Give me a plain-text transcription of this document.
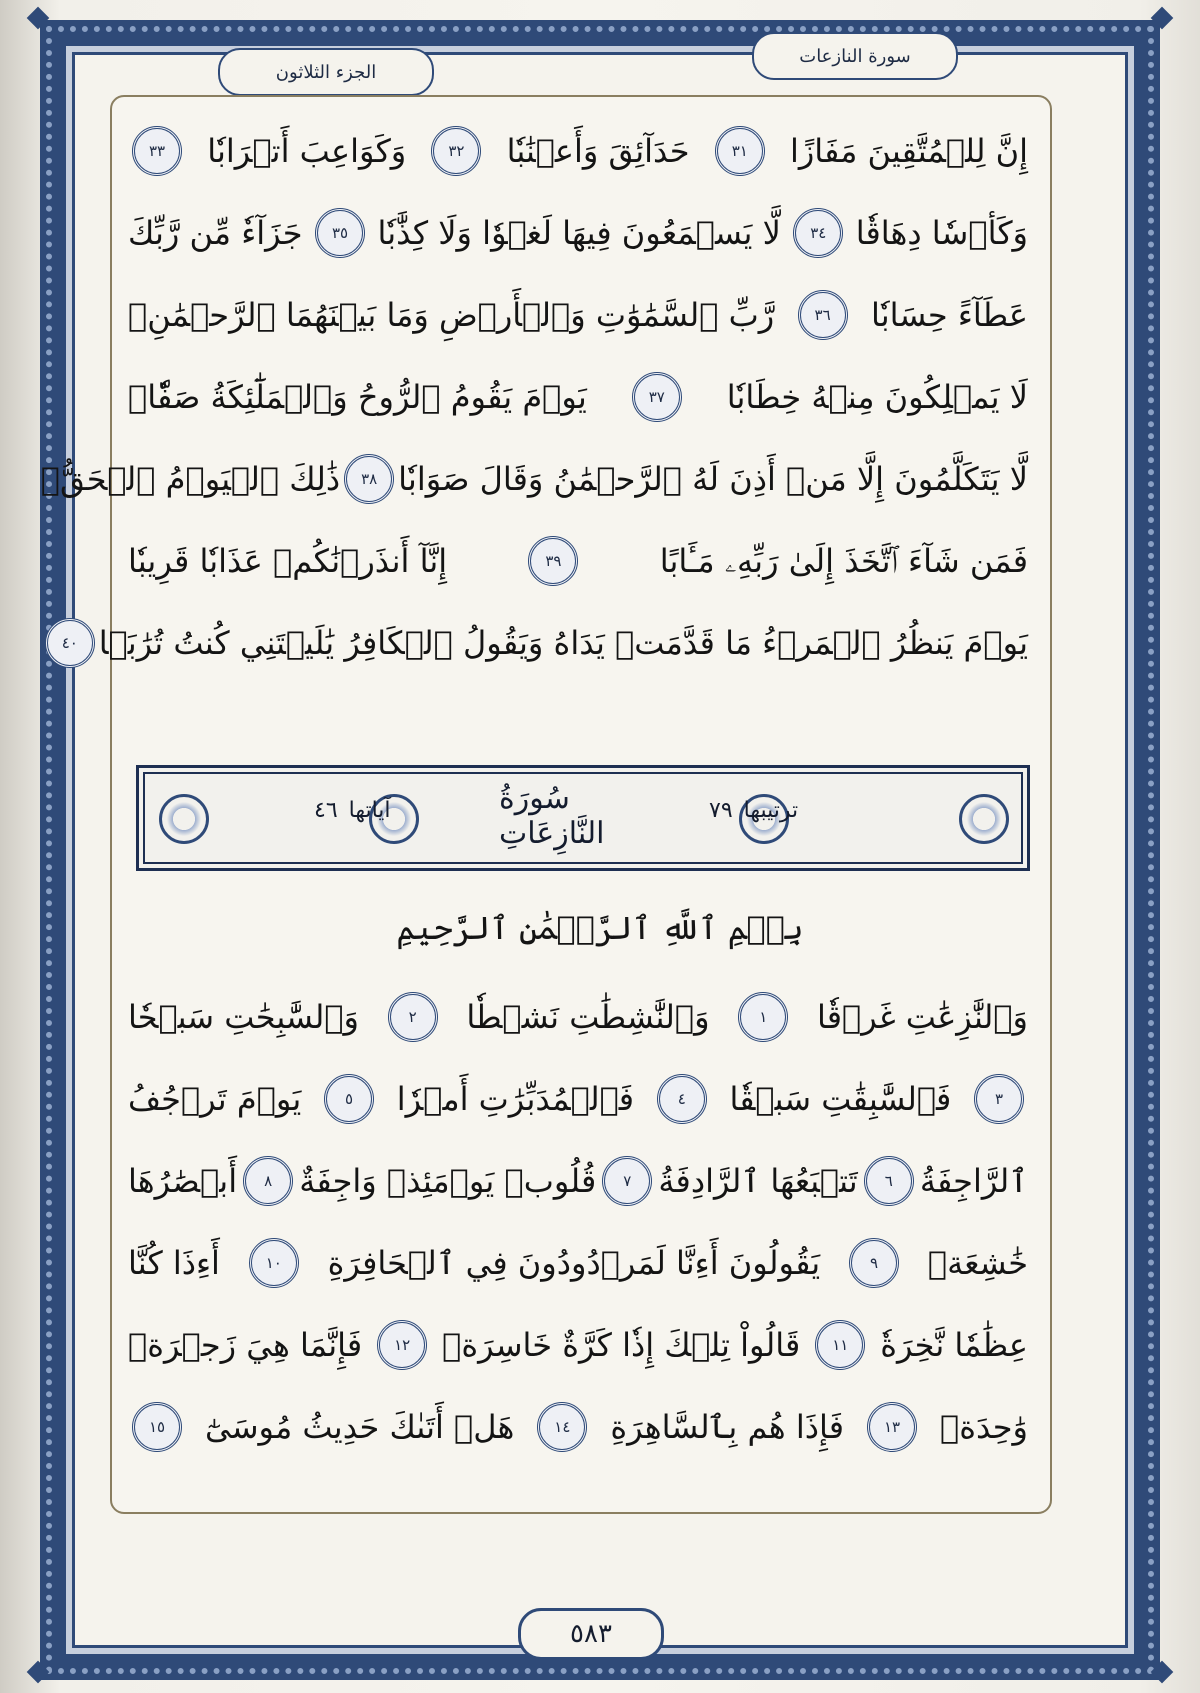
سورة النازعات
الجزء الثلاثون
إِنَّ لِلۡمُتَّقِينَ مَفَازًا
٣١
حَدَآئِقَ وَأَعۡنَٰبٗا
٣٢
وَكَوَاعِبَ أَتۡرَابٗا
٣٣
وَكَأۡسٗا دِهَاقٗا
٣٤
لَّا يَسۡمَعُونَ فِيهَا لَغۡوٗا وَلَا كِذَّٰبٗا
٣٥
جَزَآءٗ مِّن رَّبِّكَ
عَطَآءً حِسَابٗا
٣٦
رَّبِّ ٱلسَّمَٰوَٰتِ وَٱلۡأَرۡضِ وَمَا بَيۡنَهُمَا ٱلرَّحۡمَٰنِۖ
لَا يَمۡلِكُونَ مِنۡهُ خِطَابٗا
٣٧
يَوۡمَ يَقُومُ ٱلرُّوحُ وَٱلۡمَلَٰٓئِكَةُ صَفّٗاۖ
لَّا يَتَكَلَّمُونَ إِلَّا مَنۡ أَذِنَ لَهُ ٱلرَّحۡمَٰنُ وَقَالَ صَوَابٗا
٣٨
ذَٰلِكَ ٱلۡيَوۡمُ ٱلۡحَقُّۖ
فَمَن شَآءَ ٱتَّخَذَ إِلَىٰ رَبِّهِۦ مَـَٔابًا
٣٩
إِنَّآ أَنذَرۡنَٰكُمۡ عَذَابٗا قَرِيبٗا
يَوۡمَ يَنظُرُ ٱلۡمَرۡءُ مَا قَدَّمَتۡ يَدَاهُ وَيَقُولُ ٱلۡكَافِرُ يَٰلَيۡتَنِي كُنتُ تُرَٰبَۢا
٤٠
سُورَةُ النَّازِعَاتِ
ترتيبها ٧٩
آياتها ٤٦
بِسۡمِ ٱللَّهِ ٱلرَّحۡمَٰنِ ٱلرَّحِيمِ
وَٱلنَّٰزِعَٰتِ غَرۡقٗا
١
وَٱلنَّٰشِطَٰتِ نَشۡطٗا
٢
وَٱلسَّٰبِحَٰتِ سَبۡحٗا
٣
فَٱلسَّٰبِقَٰتِ سَبۡقٗا
٤
فَٱلۡمُدَبِّرَٰتِ أَمۡرٗا
٥
يَوۡمَ تَرۡجُفُ
ٱلرَّاجِفَةُ
٦
تَتۡبَعُهَا ٱلرَّادِفَةُ
٧
قُلُوبٞ يَوۡمَئِذٖ وَاجِفَةٌ
٨
أَبۡصَٰرُهَا
خَٰشِعَةٞ
٩
يَقُولُونَ أَءِنَّا لَمَرۡدُودُونَ فِي ٱلۡحَافِرَةِ
١٠
أَءِذَا كُنَّا
عِظَٰمٗا نَّخِرَةٗ
١١
قَالُواْ تِلۡكَ إِذٗا كَرَّةٌ خَاسِرَةٞ
١٢
فَإِنَّمَا هِيَ زَجۡرَةٞ
وَٰحِدَةٞ
١٣
فَإِذَا هُم بِٱلسَّاهِرَةِ
١٤
هَلۡ أَتَىٰكَ حَدِيثُ مُوسَىٰٓ
١٥
٥٨٣
